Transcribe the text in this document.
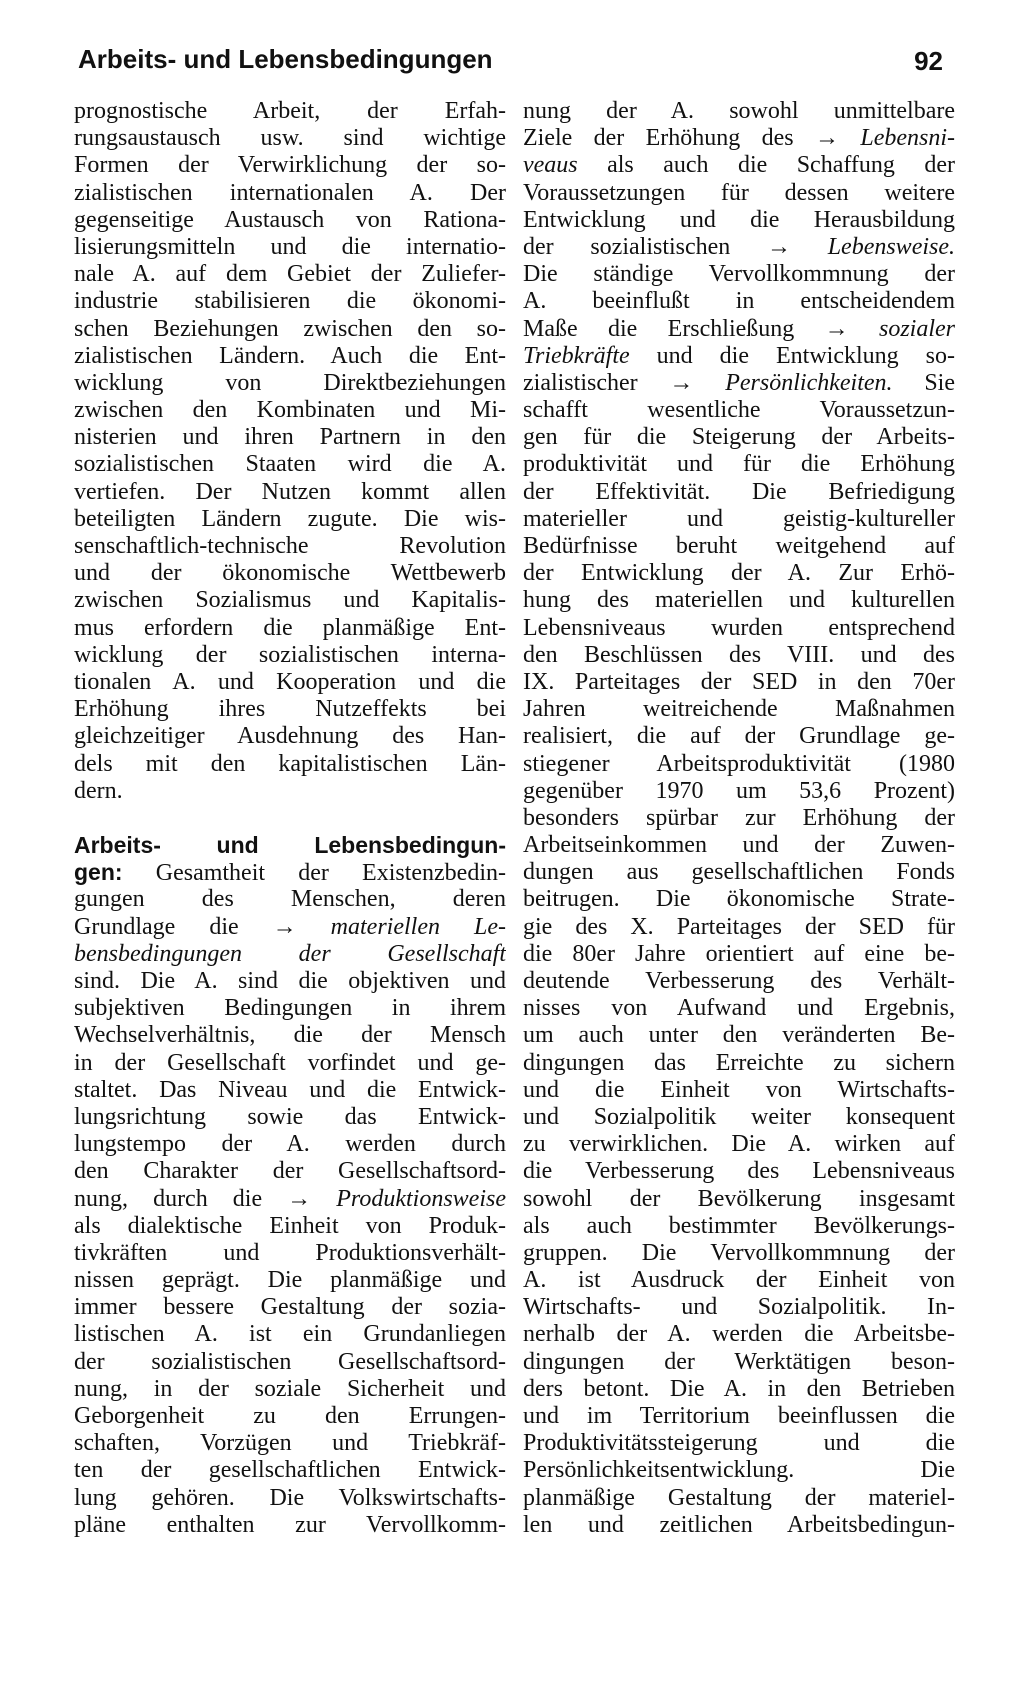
Arbeits- und Lebensbedingungen	92
prognostische Arbeit, der Erfah-
rungsaustausch usw. sind wichtige
Formen der Verwirklichung der so-
zialistischen internationalen A. Der
gegenseitige Austausch von Rationa-
lisierungsmitteln und die internatio-
nale A. auf dem Gebiet der Zuliefer-
industrie stabilisieren die ökonomi-
schen Beziehungen zwischen den so-
zialistischen Ländern. Auch die Ent-
wicklung von Direktbeziehungen
zwischen den Kombinaten und Mi-
nisterien und ihren Partnern in den
sozialistischen Staaten wird die A.
vertiefen. Der Nutzen kommt allen
beteiligten Ländern zugute. Die wis-
senschaftlich-technische Revolution
und der ökonomische Wettbewerb
zwischen Sozialismus und Kapitalis-
mus erfordern die planmäßige Ent-
wicklung der sozialistischen interna-
tionalen A. und Kooperation und die
Erhöhung ihres Nutzeffekts bei
gleichzeitiger Ausdehnung des Han-
dels mit den kapitalistischen Län-
dern.
Arbeits- und Lebensbedingun-
gen: Gesamtheit der Existenzbedin-
gungen des Menschen, deren
Grundlage die → materiellen Le-
bensbedingungen der Gesellschaft
sind. Die A. sind die objektiven und
subjektiven Bedingungen in ihrem
Wechselverhältnis, die der Mensch
in der Gesellschaft vorfindet und ge-
staltet. Das Niveau und die Entwick-
lungsrichtung sowie das Entwick-
lungstempo der A. werden durch
den Charakter der Gesellschaftsord-
nung, durch die → Produktionsweise
als dialektische Einheit von Produk-
tivkräften und Produktionsverhält-
nissen geprägt. Die planmäßige und
immer bessere Gestaltung der sozia-
listischen A. ist ein Grundanliegen
der sozialistischen Gesellschaftsord-
nung, in der soziale Sicherheit und
Geborgenheit zu den Errungen-
schaften, Vorzügen und Triebkräf-
ten der gesellschaftlichen Entwick-
lung gehören. Die Volkswirtschafts-
pläne enthalten zur Vervollkomm-
nung der A. sowohl unmittelbare
Ziele der Erhöhung des → Lebensni-
veaus als auch die Schaffung der
Voraussetzungen für dessen weitere
Entwicklung und die Herausbildung
der sozialistischen → Lebensweise.
Die ständige Vervollkommnung der
A. beeinflußt in entscheidendem
Maße die Erschließung → sozialer
Triebkräfte und die Entwicklung so-
zialistischer → Persönlichkeiten. Sie
schafft wesentliche Voraussetzun-
gen für die Steigerung der Arbeits-
produktivität und für die Erhöhung
der Effektivität. Die Befriedigung
materieller und geistig-kultureller
Bedürfnisse beruht weitgehend auf
der Entwicklung der A. Zur Erhö-
hung des materiellen und kulturellen
Lebensniveaus wurden entsprechend
den Beschlüssen des VIII. und des
IX. Parteitages der SED in den 70er
Jahren weitreichende Maßnahmen
realisiert, die auf der Grundlage ge-
stiegener Arbeitsproduktivität (1980
gegenüber 1970 um 53,6 Prozent)
besonders spürbar zur Erhöhung der
Arbeitseinkommen und der Zuwen-
dungen aus gesellschaftlichen Fonds
beitrugen. Die ökonomische Strate-
gie des X. Parteitages der SED für
die 80er Jahre orientiert auf eine be-
deutende Verbesserung des Verhält-
nisses von Aufwand und Ergebnis,
um auch unter den veränderten Be-
dingungen das Erreichte zu sichern
und die Einheit von Wirtschafts-
und Sozialpolitik weiter konsequent
zu verwirklichen. Die A. wirken auf
die Verbesserung des Lebensniveaus
sowohl der Bevölkerung insgesamt
als auch bestimmter Bevölkerungs-
gruppen. Die Vervollkommnung der
A. ist Ausdruck der Einheit von
Wirtschafts- und Sozialpolitik. In-
nerhalb der A. werden die Arbeitsbe-
dingungen der Werktätigen beson-
ders betont. Die A. in den Betrieben
und im Territorium beeinflussen die
Produktivitätssteigerung und die
Persönlichkeitsentwicklung. Die
planmäßige Gestaltung der materiel-
len und zeitlichen Arbeitsbedingun-
